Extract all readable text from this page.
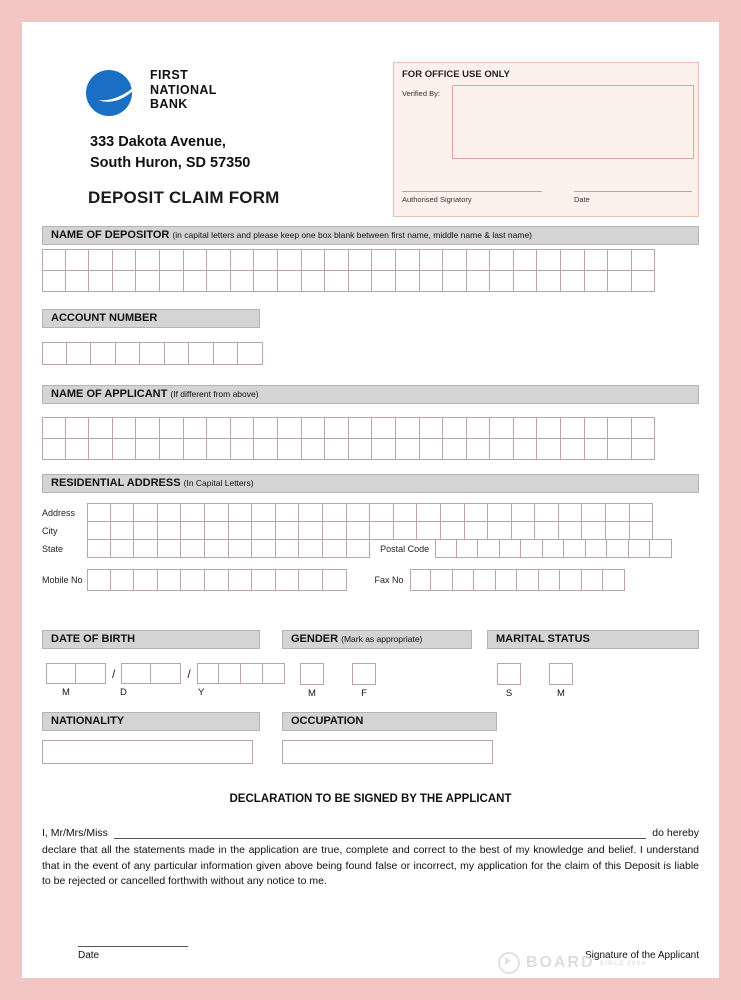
FIRST
NATIONAL
BANK
333 Dakota Avenue,
South Huron, SD 57350
DEPOSIT CLAIM FORM
FOR OFFICE USE ONLY
Verified By:
Authorised Signatory	Date
NAME OF DEPOSITOR (in capital letters and please keep one box blank between first name, middle name & last name)
ACCOUNT NUMBER
NAME OF APPLICANT (If different from above)
RESIDENTIAL ADDRESS (In Capital Letters)
Address
City
State	Postal Code
Mobile No	Fax No
DATE OF BIRTH	GENDER (Mark as appropriate)	MARITAL STATUS
/	/
M	D	Y	M	F	S	M
NATIONALITY	OCCUPATION
DECLARATION TO BE SIGNED BY THE APPLICANT
I, Mr/Mrs/Miss	do hereby
declare that all the statements made in the application are true, complete and correct to the best of my knowledge and belief. I understand that in the event of any particular information given above being found false or incorrect, my application for the claim of this Deposit is liable to be rejected or cancelled forthwith without any notice to me.
Date	Signature of the Applicant
BOARD SINCE 2004
